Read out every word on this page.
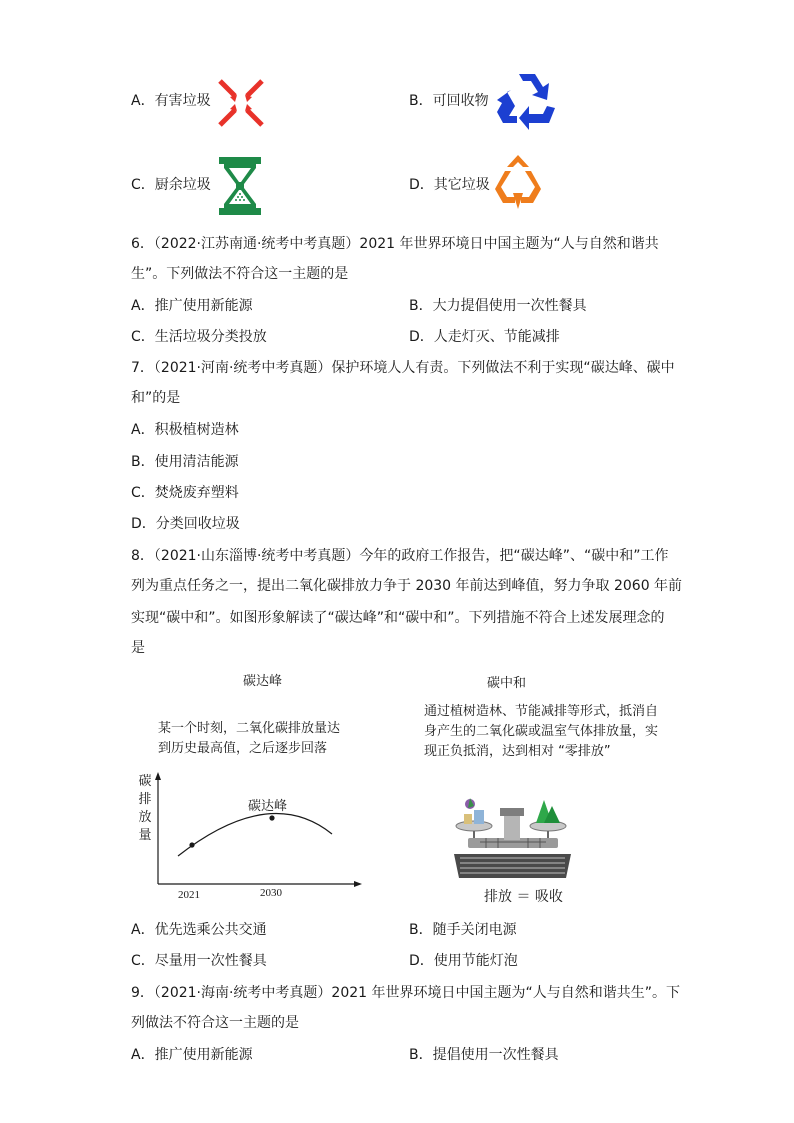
A．有害垃圾	B．可回收物
C．厨余垃圾	D．其它垃圾
6．（2022·江苏南通·统考中考真题）2021 年世界环境日中国主题为“人与自然和谐共
生”。下列做法不符合这一主题的是
A．推广使用新能源	B．大力提倡使用一次性餐具
C．生活垃圾分类投放	D．人走灯灭、节能减排
7．（2021·河南·统考中考真题）保护环境人人有责。下列做法不利于实现“碳达峰、碳中
和”的是
A．积极植树造林
B．使用清洁能源
C．焚烧废弃塑料
D．分类回收垃圾
8．（2021·山东淄博·统考中考真题）今年的政府工作报告，把“碳达峰”、“碳中和”工作
列为重点任务之一，提出二氧化碳排放力争于 2030 年前达到峰值，努力争取 2060 年前
实现“碳中和”。如图形象解读了“碳达峰”和“碳中和”。下列措施不符合上述发展理念的
是
碳达峰
某一个时刻，二氧化碳排放量达
到历史最高值，之后逐步回落
碳
排
放
量
碳达峰
2021	2030
碳中和
通过植树造林、节能减排等形式，抵消自
身产生的二氧化碳或温室气体排放量，实
现正负抵消，达到相对 “零排放”
排放 ＝ 吸收
A．优先选乘公共交通	B．随手关闭电源
C．尽量用一次性餐具	D．使用节能灯泡
9．（2021·海南·统考中考真题）2021 年世界环境日中国主题为“人与自然和谐共生”。下
列做法不符合这一主题的是
A．推广使用新能源	B．提倡使用一次性餐具
